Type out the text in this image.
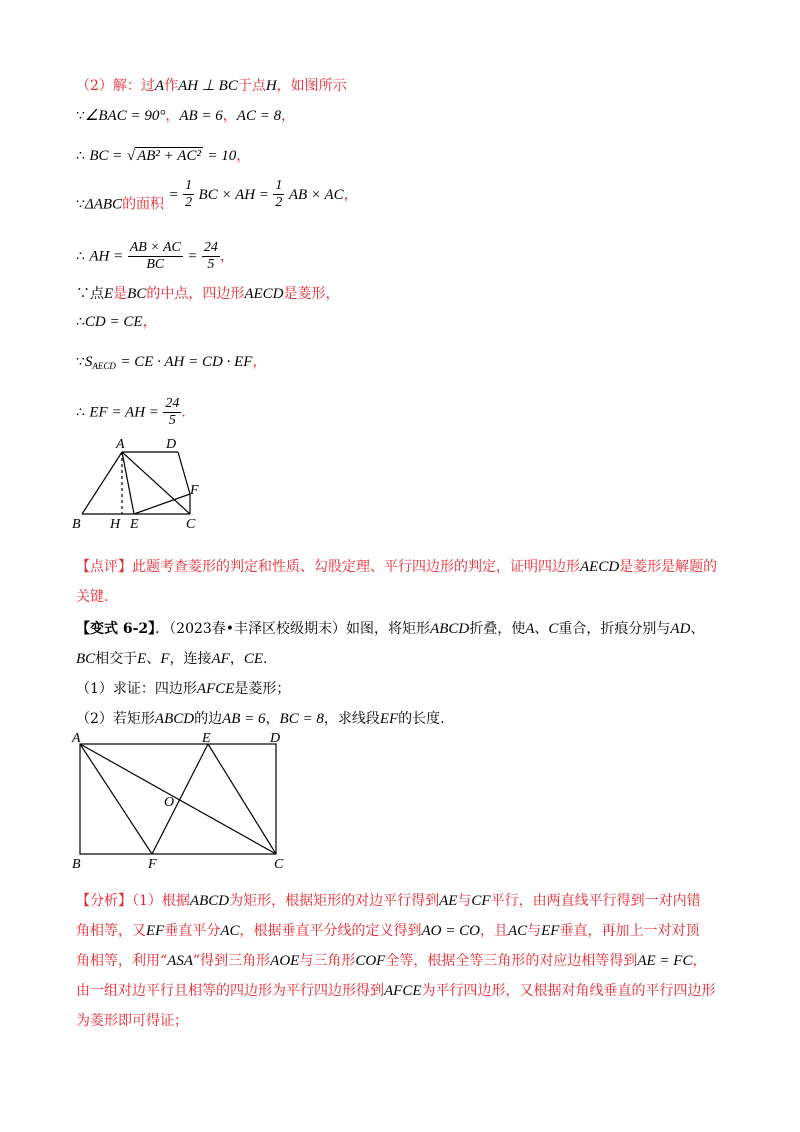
（2）解：过A作AH ⊥ BC于点H，如图所示
∵∠BAC = 90°，AB = 6，AC = 8，
∴ BC = √ AB² + AC² = 10，
∵ΔABC的面积 = $\frac{1}{2}$ BC × AH = $\frac{1}{2}$ AB × AC，
∴ AH = $\frac{AB \times AC}{BC} = \frac{24}{5}$ ，
∵点E是BC的中点，四边形AECD是菱形，
∴CD = CE，
$\because S_{AECD}$ = CE · AH = CD · EF，
∴ EF = AH = $\frac{24}{5}$ ．
A	D
F
B H E	C
【点评】此题考查菱形的判定和性质、勾股定理、平行四边形的判定，证明四边形AECD是菱形是解题的
关键.
【变式 6-2】．（2023春•丰泽区校级期末）如图，将矩形ABCD折叠，使A、C重合，折痕分别与AD、
BC相交于E、F，连接AF，CE.
（1）求证：四边形AFCE是菱形；
（2）若矩形ABCD的边AB = 6，BC = 8，求线段EF的长度.
A	E	D
O
B	F	C
【分析】（1）根据ABCD为矩形，根据矩形的对边平行得到AE与CF平行，由两直线平行得到一对内错
角相等，又EF垂直平分AC，根据垂直平分线的定义得到AO = CO，且AC与EF垂直，再加上一对对顶
角相等，利用“ASA”得到三角形AOE与三角形COF全等，根据全等三角形的对应边相等得到AE = FC，
由一组对边平行且相等的四边形为平行四边形得到AFCE为平行四边形，又根据对角线垂直的平行四边形
为菱形即可得证；
